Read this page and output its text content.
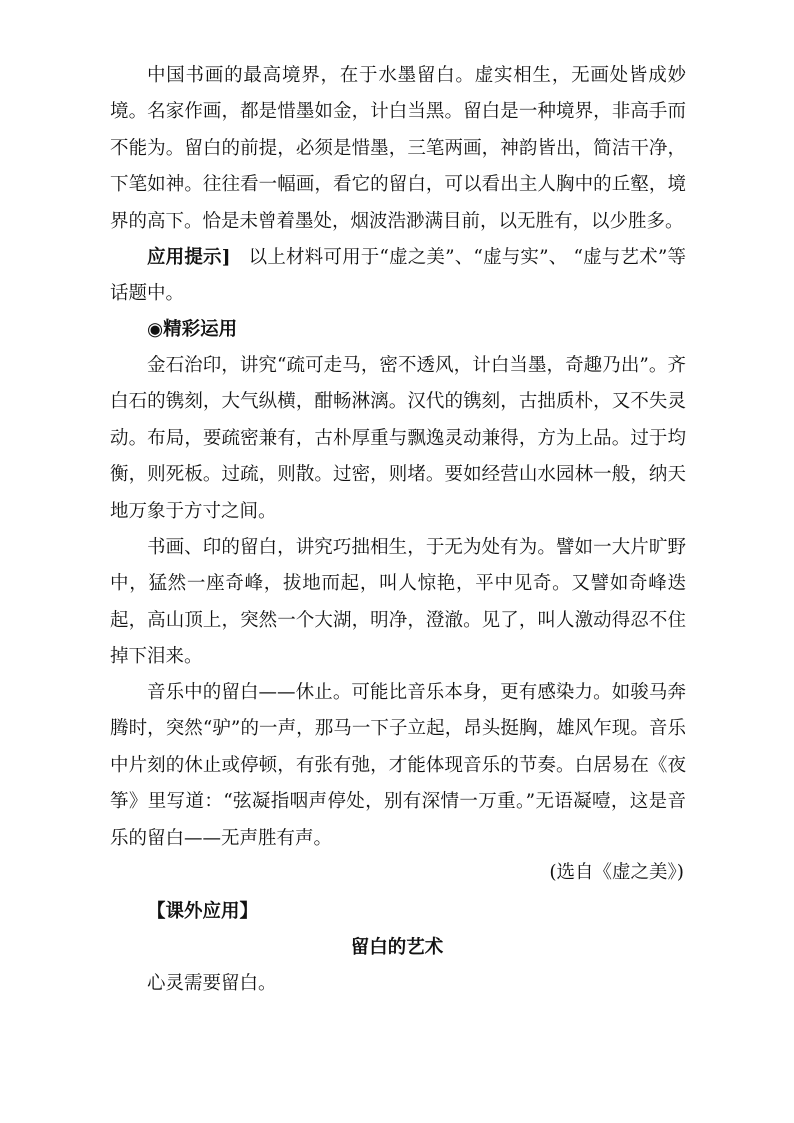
中国书画的最高境界，在于水墨留白。虚实相生，无画处皆成妙境。名家作画，都是惜墨如金，计白当黑。留白是一种境界，非高手而不能为。留白的前提，必须是惜墨，三笔两画，神韵皆出，简洁干净，下笔如神。往往看一幅画，看它的留白，可以看出主人胸中的丘壑，境界的高下。恰是未曾着墨处，烟波浩渺满目前，以无胜有，以少胜多。

应用提示] 以上材料可用于“虚之美”、“虚与实”、 “虚与艺术”等话题中。

◉精彩运用

金石治印，讲究“疏可走马，密不透风，计白当墨，奇趣乃出”。齐白石的镌刻，大气纵横，酣畅淋漓。汉代的镌刻，古拙质朴，又不失灵动。布局，要疏密兼有，古朴厚重与飘逸灵动兼得，方为上品。过于均衡，则死板。过疏，则散。过密，则堵。要如经营山水园林一般，纳天地万象于方寸之间。

书画、印的留白，讲究巧拙相生，于无为处有为。譬如一大片旷野中，猛然一座奇峰，拔地而起，叫人惊艳，平中见奇。又譬如奇峰迭起，高山顶上，突然一个大湖，明净，澄澈。见了，叫人激动得忍不住掉下泪来。

音乐中的留白——休止。可能比音乐本身，更有感染力。如骏马奔腾时，突然“驴”的一声，那马一下子立起，昂头挺胸，雄风乍现。音乐中片刻的休止或停顿，有张有弛，才能体现音乐的节奏。白居易在《夜筝》里写道：“弦凝指咽声停处，别有深情一万重。”无语凝噎，这是音乐的留白——无声胜有声。

(选自《虚之美》)

【课外应用】

留白的艺术

心灵需要留白。
